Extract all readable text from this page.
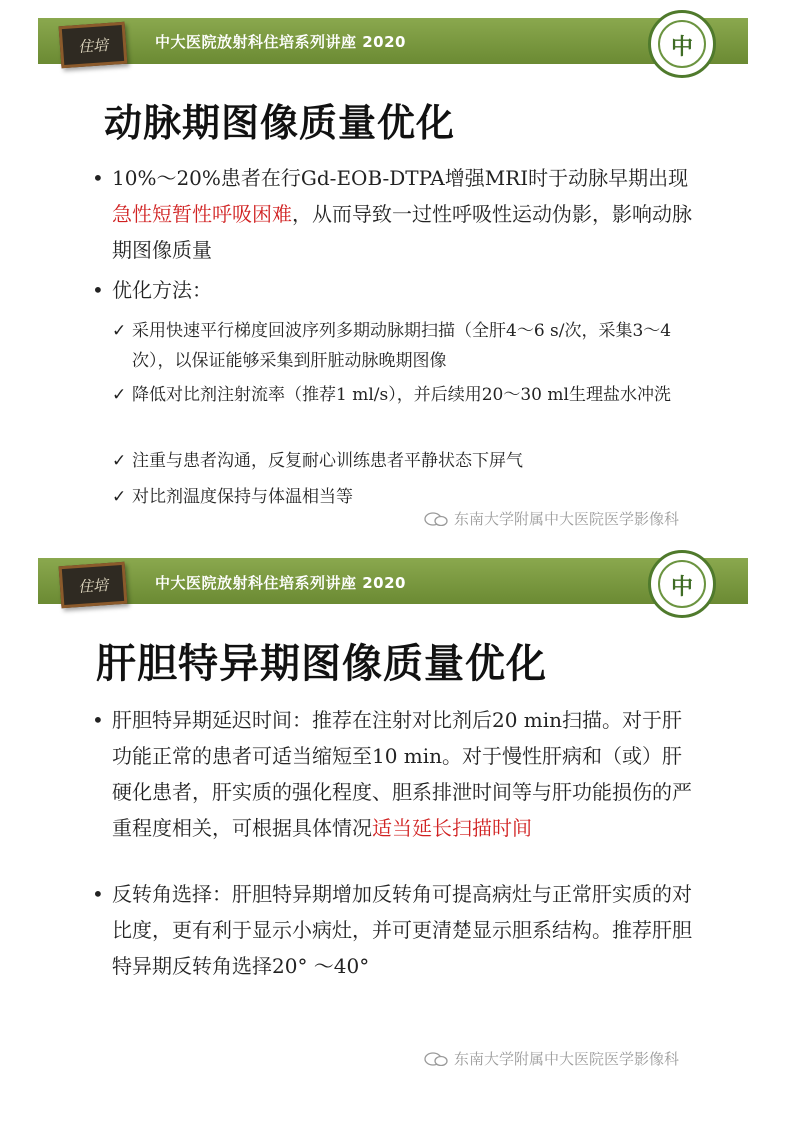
住培	中大医院放射科住培系列讲座 2020	中
动脉期图像质量优化
• 10%～20%患者在行Gd-EOB-DTPA增强MRI时于动脉早期出现急性短暂性呼吸困难，从而导致一过性呼吸性运动伪影，影响动脉期图像质量
• 优化方法：
✓ 采用快速平行梯度回波序列多期动脉期扫描（全肝4～6 s/次，采集3～4次），以保证能够采集到肝脏动脉晚期图像
✓ 降低对比剂注射流率（推荐1 ml/s），并后续用20～30 ml生理盐水冲洗
✓ 注重与患者沟通，反复耐心训练患者平静状态下屏气
✓ 对比剂温度保持与体温相当等
东南大学附属中大医院医学影像科
住培	中大医院放射科住培系列讲座 2020	中
肝胆特异期图像质量优化
• 肝胆特异期延迟时间：推荐在注射对比剂后20 min扫描。对于肝功能正常的患者可适当缩短至10 min。对于慢性肝病和（或）肝硬化患者，肝实质的强化程度、胆系排泄时间等与肝功能损伤的严重程度相关，可根据具体情况适当延长扫描时间
• 反转角选择：肝胆特异期增加反转角可提高病灶与正常肝实质的对比度，更有利于显示小病灶，并可更清楚显示胆系结构。推荐肝胆特异期反转角选择20° ～40°
东南大学附属中大医院医学影像科
